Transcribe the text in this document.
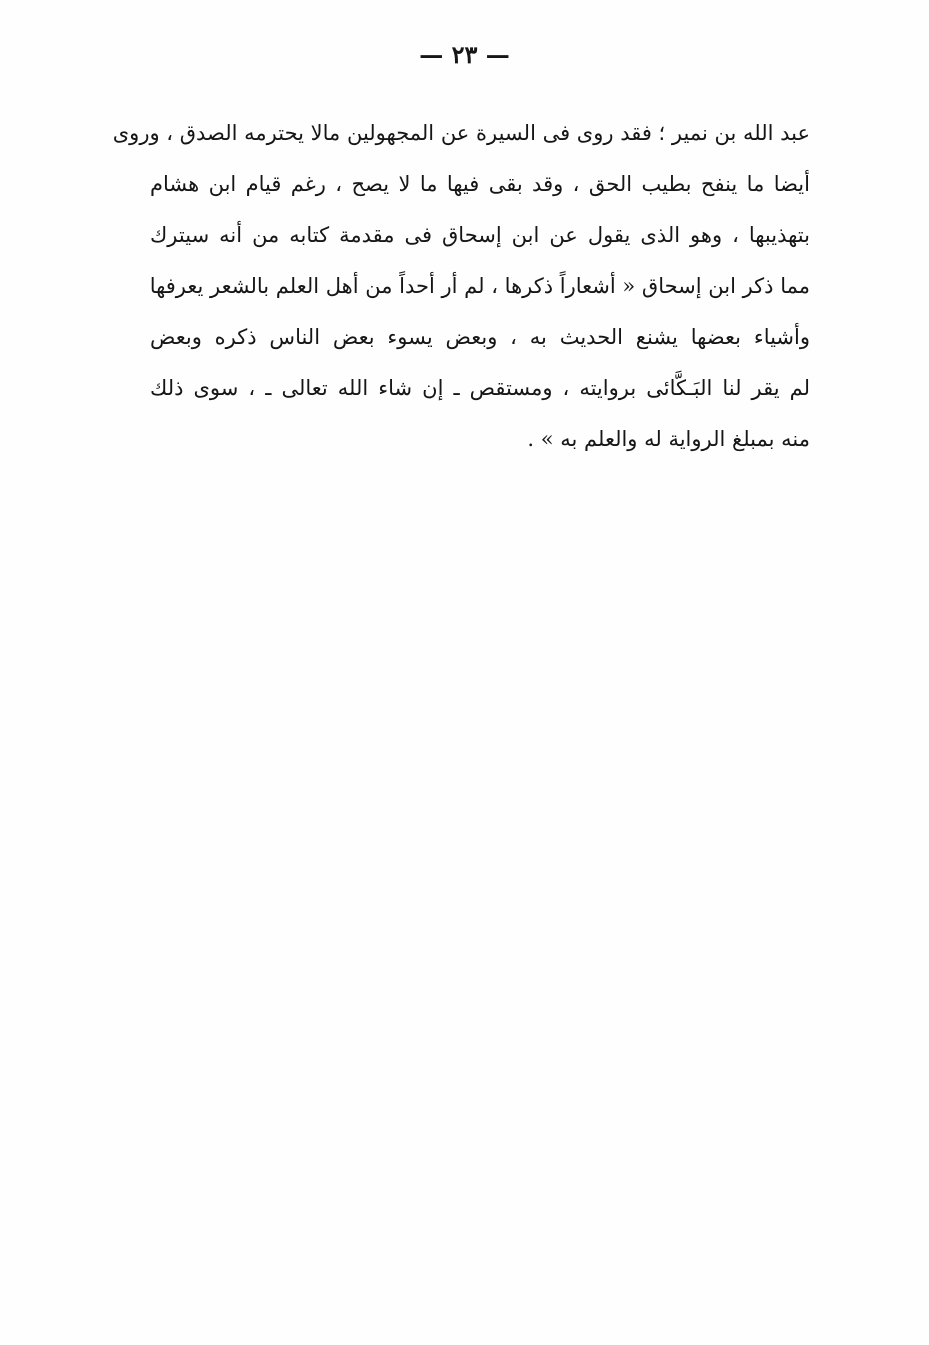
— ٢٣ —
عبد الله بن نمير ؛ فقد روى فى السيرة عن المجهولين مالا يحترمه الصدق ، وروى
أيضا ما ينفح بطيب الحق ، وقد بقى فيها ما لا يصح ، رغم قيام ابن هشام
بتهذيبها ، وهو الذى يقول عن ابن إسحاق فى مقدمة كتابه من أنه سيترك
مما ذكر ابن إسحاق « أشعاراً ذكرها ، لم أر أحداً من أهل العلم بالشعر يعرفها
وأشياء بعضها يشنع الحديث به ، وبعض يسوء بعض الناس ذكره وبعض
لم يقر لنا البَـكَّائى بروايته ، ومستقص ـ إن شاء الله تعالى ـ ، سوى ذلك
منه بمبلغ الرواية له والعلم به » .
